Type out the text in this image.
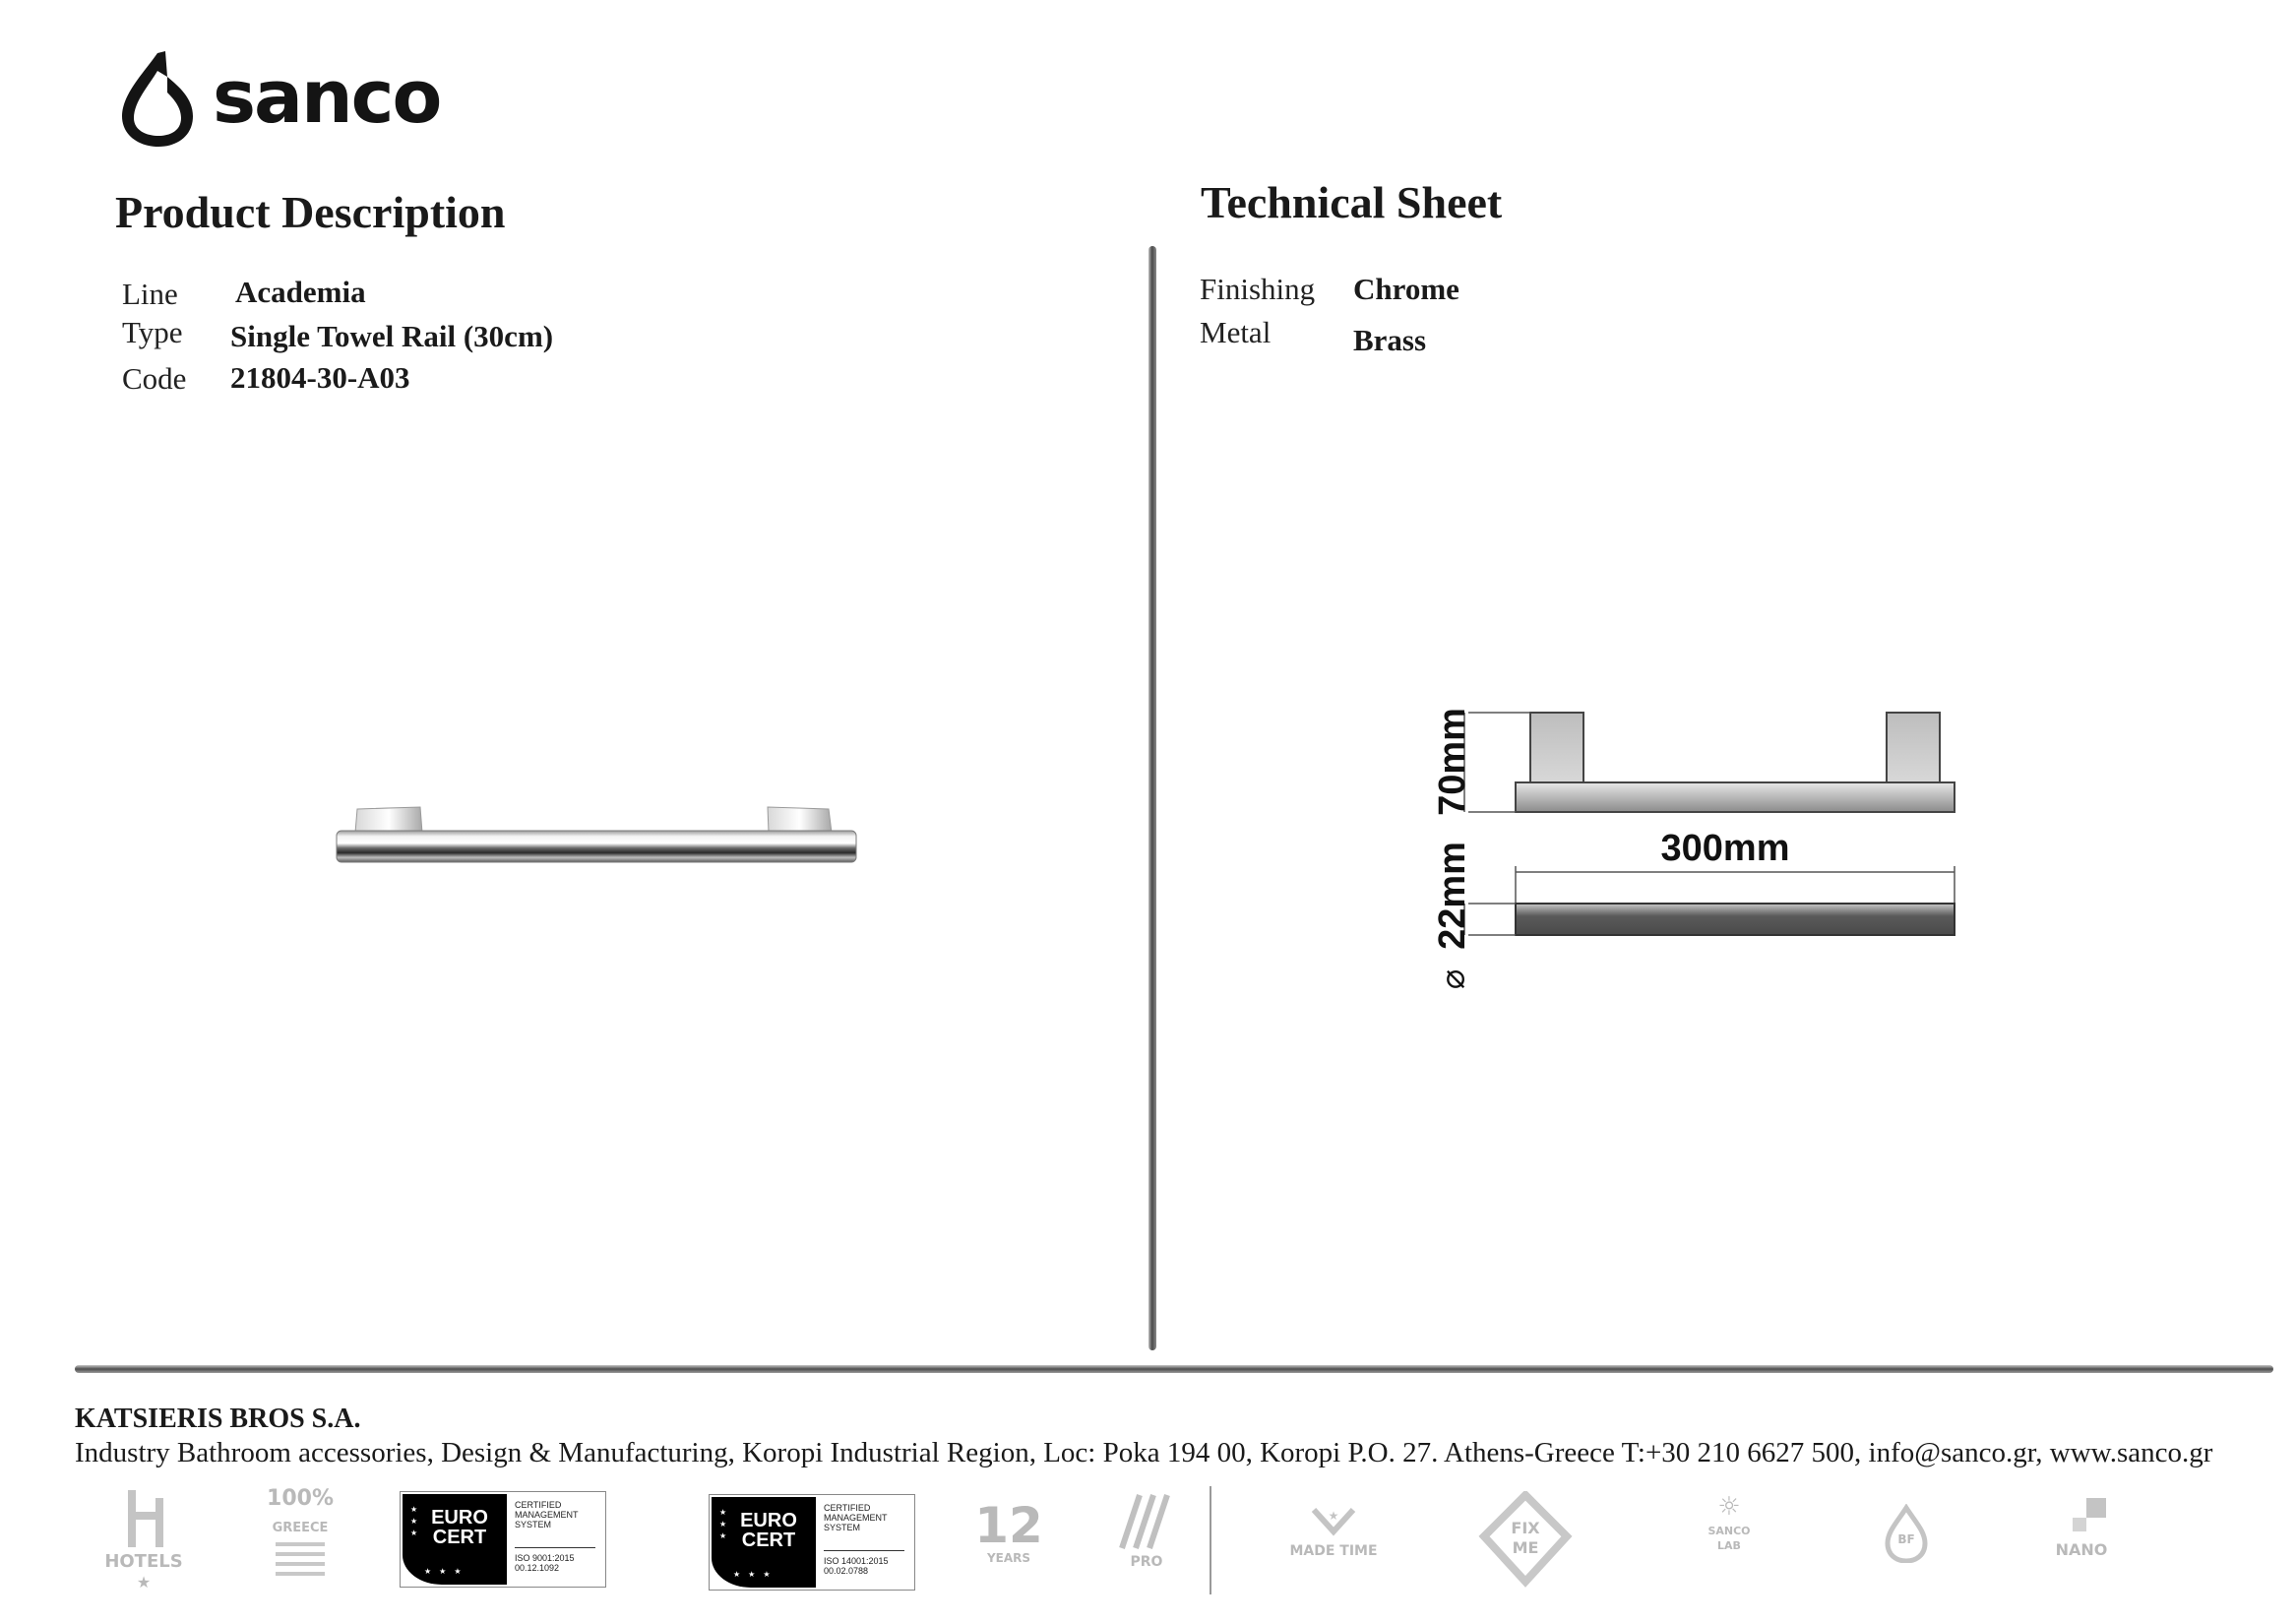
sanco
Product Description
Line Academia
Type Single Towel Rail (30cm)
Code 21804-30-A03
Technical Sheet
Finishing Chrome
Metal	Brass
70mm
300mm
22mm
⌀
KATSIERIS BROS S.A.
Industry Bathroom accessories, Design & Manufacturing, Koropi Industrial Region, Loc: Poka 194 00, Koropi P.O. 27. Athens-Greece T:+30 210 6627 500, info@sanco.gr, www.sanco.gr
HOTELS
★
100%
GREECE
★
★
★
EURO
CERT
★★★
CERTIFIED
MANAGEMENT
SYSTEM
ISO 9001:2015
00.12.1092
★
★
★
EURO
CERT
★★★
CERTIFIED
MANAGEMENT
SYSTEM
ISO 14001:2015
00.02.0788
12
YEARS	PRO
★
MADE TIME
FIX
ME
☼
SANCO
LAB	BF
NANO
